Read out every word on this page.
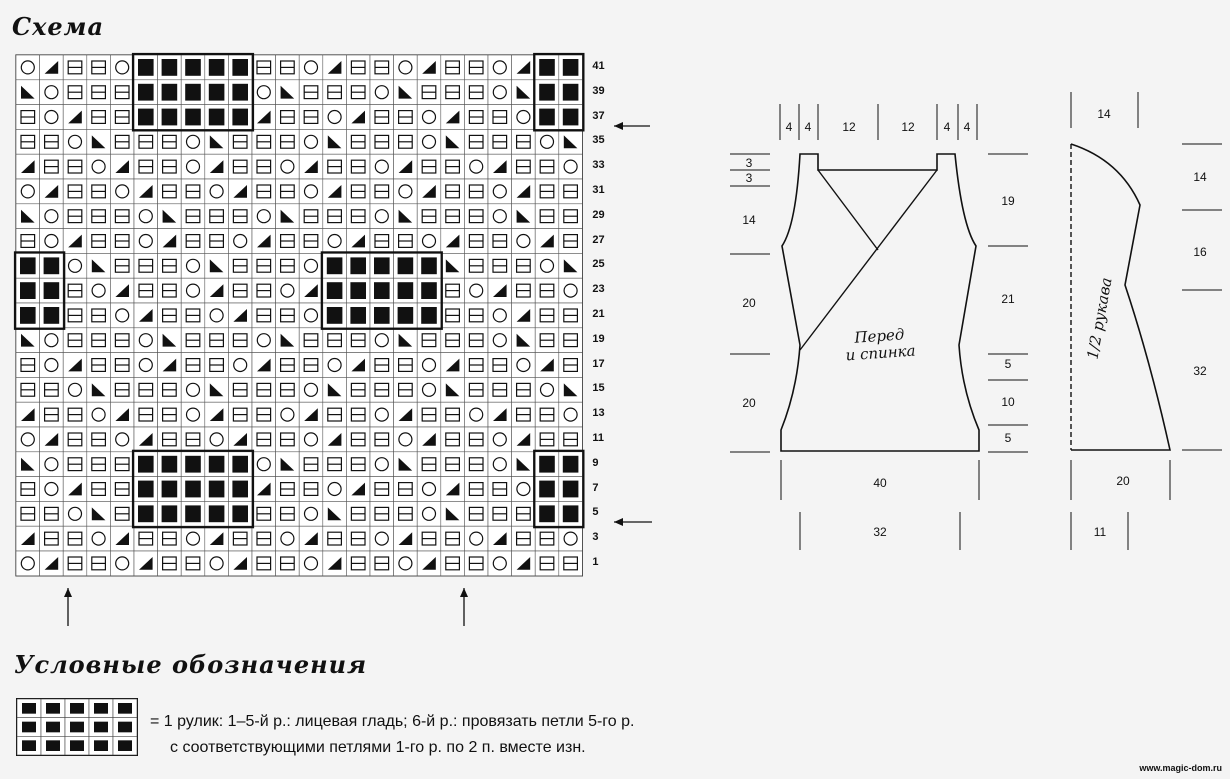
Схема
41
39
37
35
33
31
29
27
25
23
21
19
17
15
13
11
9
7
5
3
1
4	4	12	12	4	4
3
3
14
20
20
19
21
5
10
5
40
32
Перед
и спинка
14
14
16
32
20
11
1/2 рукава
Условные обозначения
= 1 рулик: 1–5-й р.: лицевая гладь; 6-й р.: провязать петли 5-го р.
с соответствующими петлями 1-го р. по 2 п. вместе изн.
www.magic-dom.ru
